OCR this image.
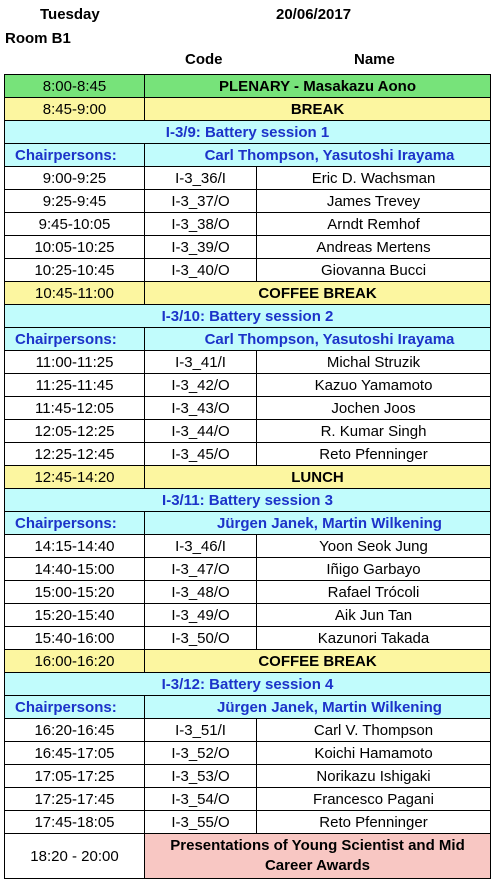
Tuesday	20/06/2017
Room B1
Code	Name
8:00-8:45	PLENARY - Masakazu Aono	
8:45-9:00	BREAK	
I-3/9: Battery session 1		
Chairpersons:	Carl Thompson, Yasutoshi Irayama	
9:00-9:25	I-3_36/I	Eric D. Wachsman
9:25-9:45	I-3_37/O	James Trevey
9:45-10:05	I-3_38/O	Arndt Remhof
10:05-10:25	I-3_39/O	Andreas Mertens
10:25-10:45	I-3_40/O	Giovanna Bucci
10:45-11:00	COFFEE BREAK	
I-3/10: Battery session 2		
Chairpersons:	Carl Thompson, Yasutoshi Irayama	
11:00-11:25	I-3_41/I	Michal Struzik
11:25-11:45	I-3_42/O	Kazuo Yamamoto
11:45-12:05	I-3_43/O	Jochen Joos
12:05-12:25	I-3_44/O	R. Kumar Singh
12:25-12:45	I-3_45/O	Reto Pfenninger
12:45-14:20	LUNCH	
I-3/11: Battery session 3		
Chairpersons:	Jürgen Janek, Martin Wilkening	
14:15-14:40	I-3_46/I	Yoon Seok Jung
14:40-15:00	I-3_47/O	Iñigo Garbayo
15:00-15:20	I-3_48/O	Rafael Trócoli
15:20-15:40	I-3_49/O	Aik Jun Tan
15:40-16:00	I-3_50/O	Kazunori Takada
16:00-16:20	COFFEE BREAK	
I-3/12: Battery session 4		
Chairpersons:	Jürgen Janek, Martin Wilkening	
16:20-16:45	I-3_51/I	Carl V. Thompson
16:45-17:05	I-3_52/O	Koichi Hamamoto
17:05-17:25	I-3_53/O	Norikazu Ishigaki
17:25-17:45	I-3_54/O	Francesco Pagani
17:45-18:05	I-3_55/O	Reto Pfenninger
18:20 - 20:00	Presentations of Young Scientist and Mid Career Awards	
